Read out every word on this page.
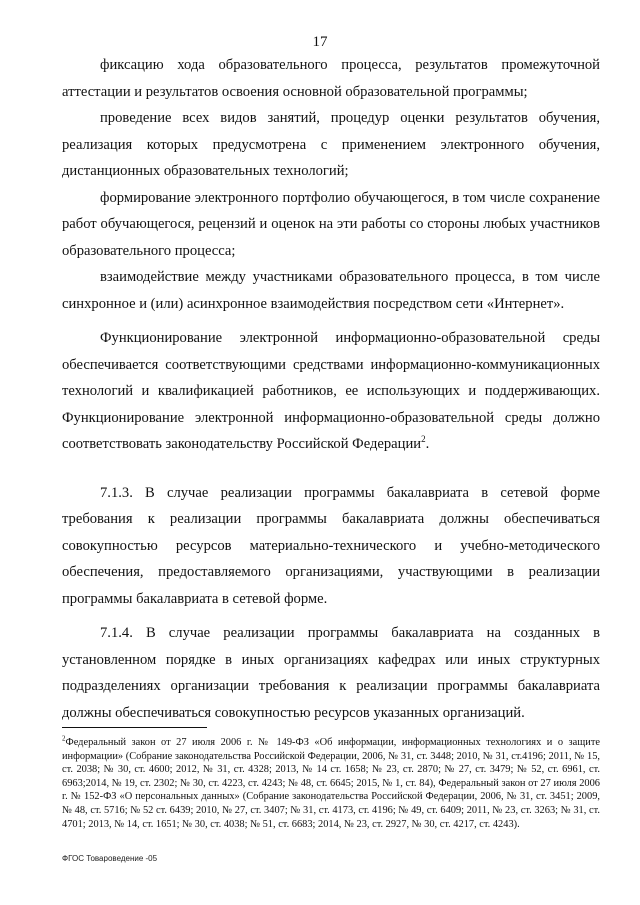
17

фиксацию хода образовательного процесса, результатов промежуточной аттестации и результатов освоения основной образовательной программы;

проведение всех видов занятий, процедур оценки результатов обучения, реализация которых предусмотрена с применением электронного обучения, дистанционных образовательных технологий;

формирование электронного портфолио обучающегося, в том числе сохранение работ обучающегося, рецензий и оценок на эти работы со стороны любых участников образовательного процесса;

взаимодействие между участниками образовательного процесса, в том числе синхронное и (или) асинхронное взаимодействия посредством сети «Интернет».

Функционирование электронной информационно-образовательной среды обеспечивается соответствующими средствами информационно-коммуникационных технологий и квалификацией работников, ее использующих и поддерживающих. Функционирование электронной информационно-образовательной среды должно соответствовать законодательству Российской Федерации$^2$.

7.1.3. В случае реализации программы бакалавриата в сетевой форме требования к реализации программы бакалавриата должны обеспечиваться совокупностью ресурсов материально-технического и учебно-методического обеспечения, предоставляемого организациями, участвующими в реализации программы бакалавриата в сетевой форме.

7.1.4. В случае реализации программы бакалавриата на созданных в установленном порядке в иных организациях кафедрах или иных структурных подразделениях организации требования к реализации программы бакалавриата должны обеспечиваться совокупностью ресурсов указанных организаций.

$^2$Федеральный закон от 27 июля 2006 г. № 149-ФЗ «Об информации, информационных технологиях и о защите информации» (Собрание законодательства Российской Федерации, 2006, № 31, ст. 3448; 2010, № 31, ст.4196; 2011, № 15, ст. 2038; № 30, ст. 4600; 2012, № 31, ст. 4328; 2013, № 14 ст. 1658; № 23, ст. 2870; № 27, ст. 3479; № 52, ст. 6961, ст. 6963;2014, № 19, ст. 2302; № 30, ст. 4223, ст. 4243; № 48, ст. 6645; 2015, № 1, ст. 84), Федеральный закон от 27 июля 2006 г. № 152-ФЗ «О персональных данных» (Собрание законодательства Российской Федерации, 2006, № 31, ст. 3451; 2009, № 48, ст. 5716; № 52 ст. 6439; 2010, № 27, ст. 3407; № 31, ст. 4173, ст. 4196; № 49, ст. 6409; 2011, № 23, ст. 3263; № 31, ст. 4701; 2013, № 14, ст. 1651; № 30, ст. 4038; № 51, ст. 6683; 2014, № 23, ст. 2927, № 30, ст. 4217, ст. 4243).
ФГОС Товароведение -05
